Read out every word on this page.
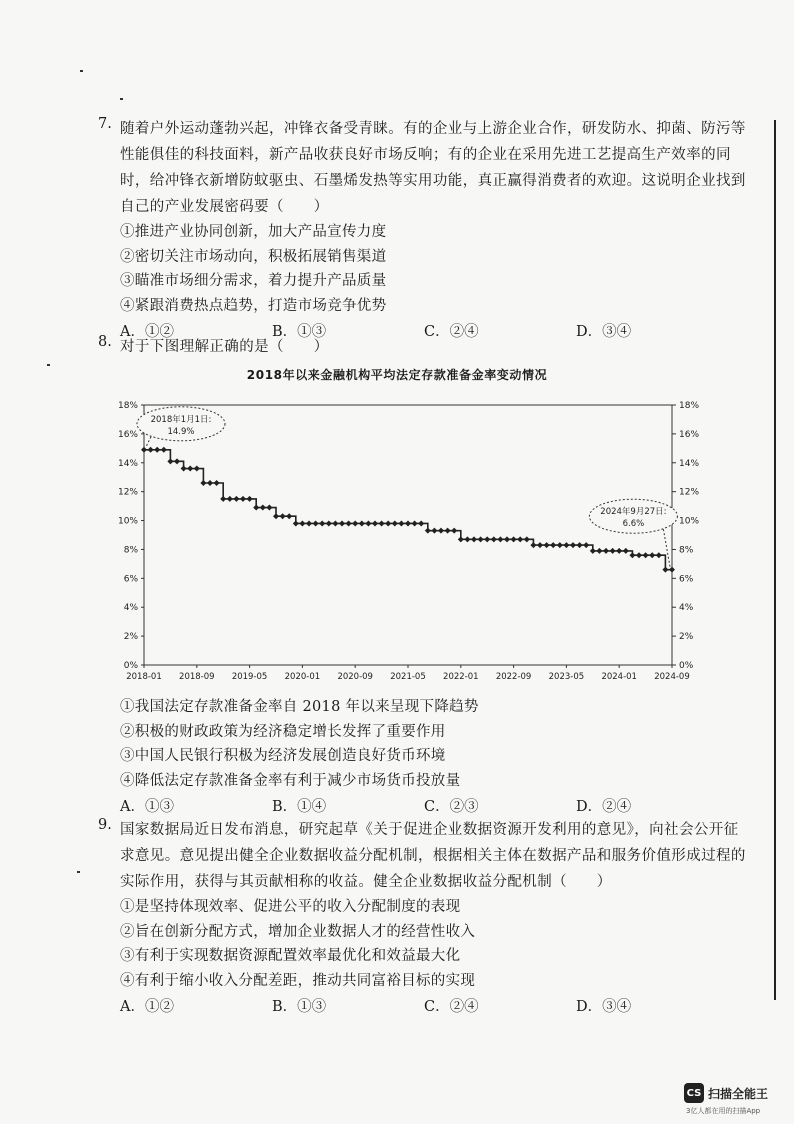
7. 随着户外运动蓬勃兴起，冲锋衣备受青睐。有的企业与上游企业合作，研发防水、抑菌、防污等性能俱佳的科技面料，新产品收获良好市场反响；有的企业在采用先进工艺提高生产效率的同时，给冲锋衣新增防蚊驱虫、石墨烯发热等实用功能，真正赢得消费者的欢迎。这说明企业找到自己的产业发展密码要（　　）
①推进产业协同创新，加大产品宣传力度
②密切关注市场动向，积极拓展销售渠道
③瞄准市场细分需求，着力提升产品质量
④紧跟消费热点趋势，打造市场竞争优势
A．①②	B．①③	C．②④	D．③④
8. 对于下图理解正确的是（　　）
2018年以来金融机构平均法定存款准备金率变动情况
0%
2%
4%
6%
8%
10%
12%
14%
16%
18%
0%
2%
4%
6%
8%
10%
12%
14%
16%
18%
2018-01 2018-09 2019-05 2020-01 2020-09 2021-05 2022-01 2022-09 2023-05 2024-01 2024-09
2018年1月1日:
14.9%
2024年9月27日:
6.6%
①我国法定存款准备金率自 2018 年以来呈现下降趋势
②积极的财政政策为经济稳定增长发挥了重要作用
③中国人民银行积极为经济发展创造良好货币环境
④降低法定存款准备金率有利于减少市场货币投放量
A．①③	B．①④	C．②③	D．②④
9. 国家数据局近日发布消息，研究起草《关于促进企业数据资源开发利用的意见》，向社会公开征求意见。意见提出健全企业数据收益分配机制，根据相关主体在数据产品和服务价值形成过程的实际作用，获得与其贡献相称的收益。健全企业数据收益分配机制（　　）
①是坚持体现效率、促进公平的收入分配制度的表现
②旨在创新分配方式，增加企业数据人才的经营性收入
③有利于实现数据资源配置效率最优化和效益最大化
④有利于缩小收入分配差距，推动共同富裕目标的实现
A．①②	B．①③	C．②④	D．③④
CS 扫描全能王
3亿人都在用的扫描App
